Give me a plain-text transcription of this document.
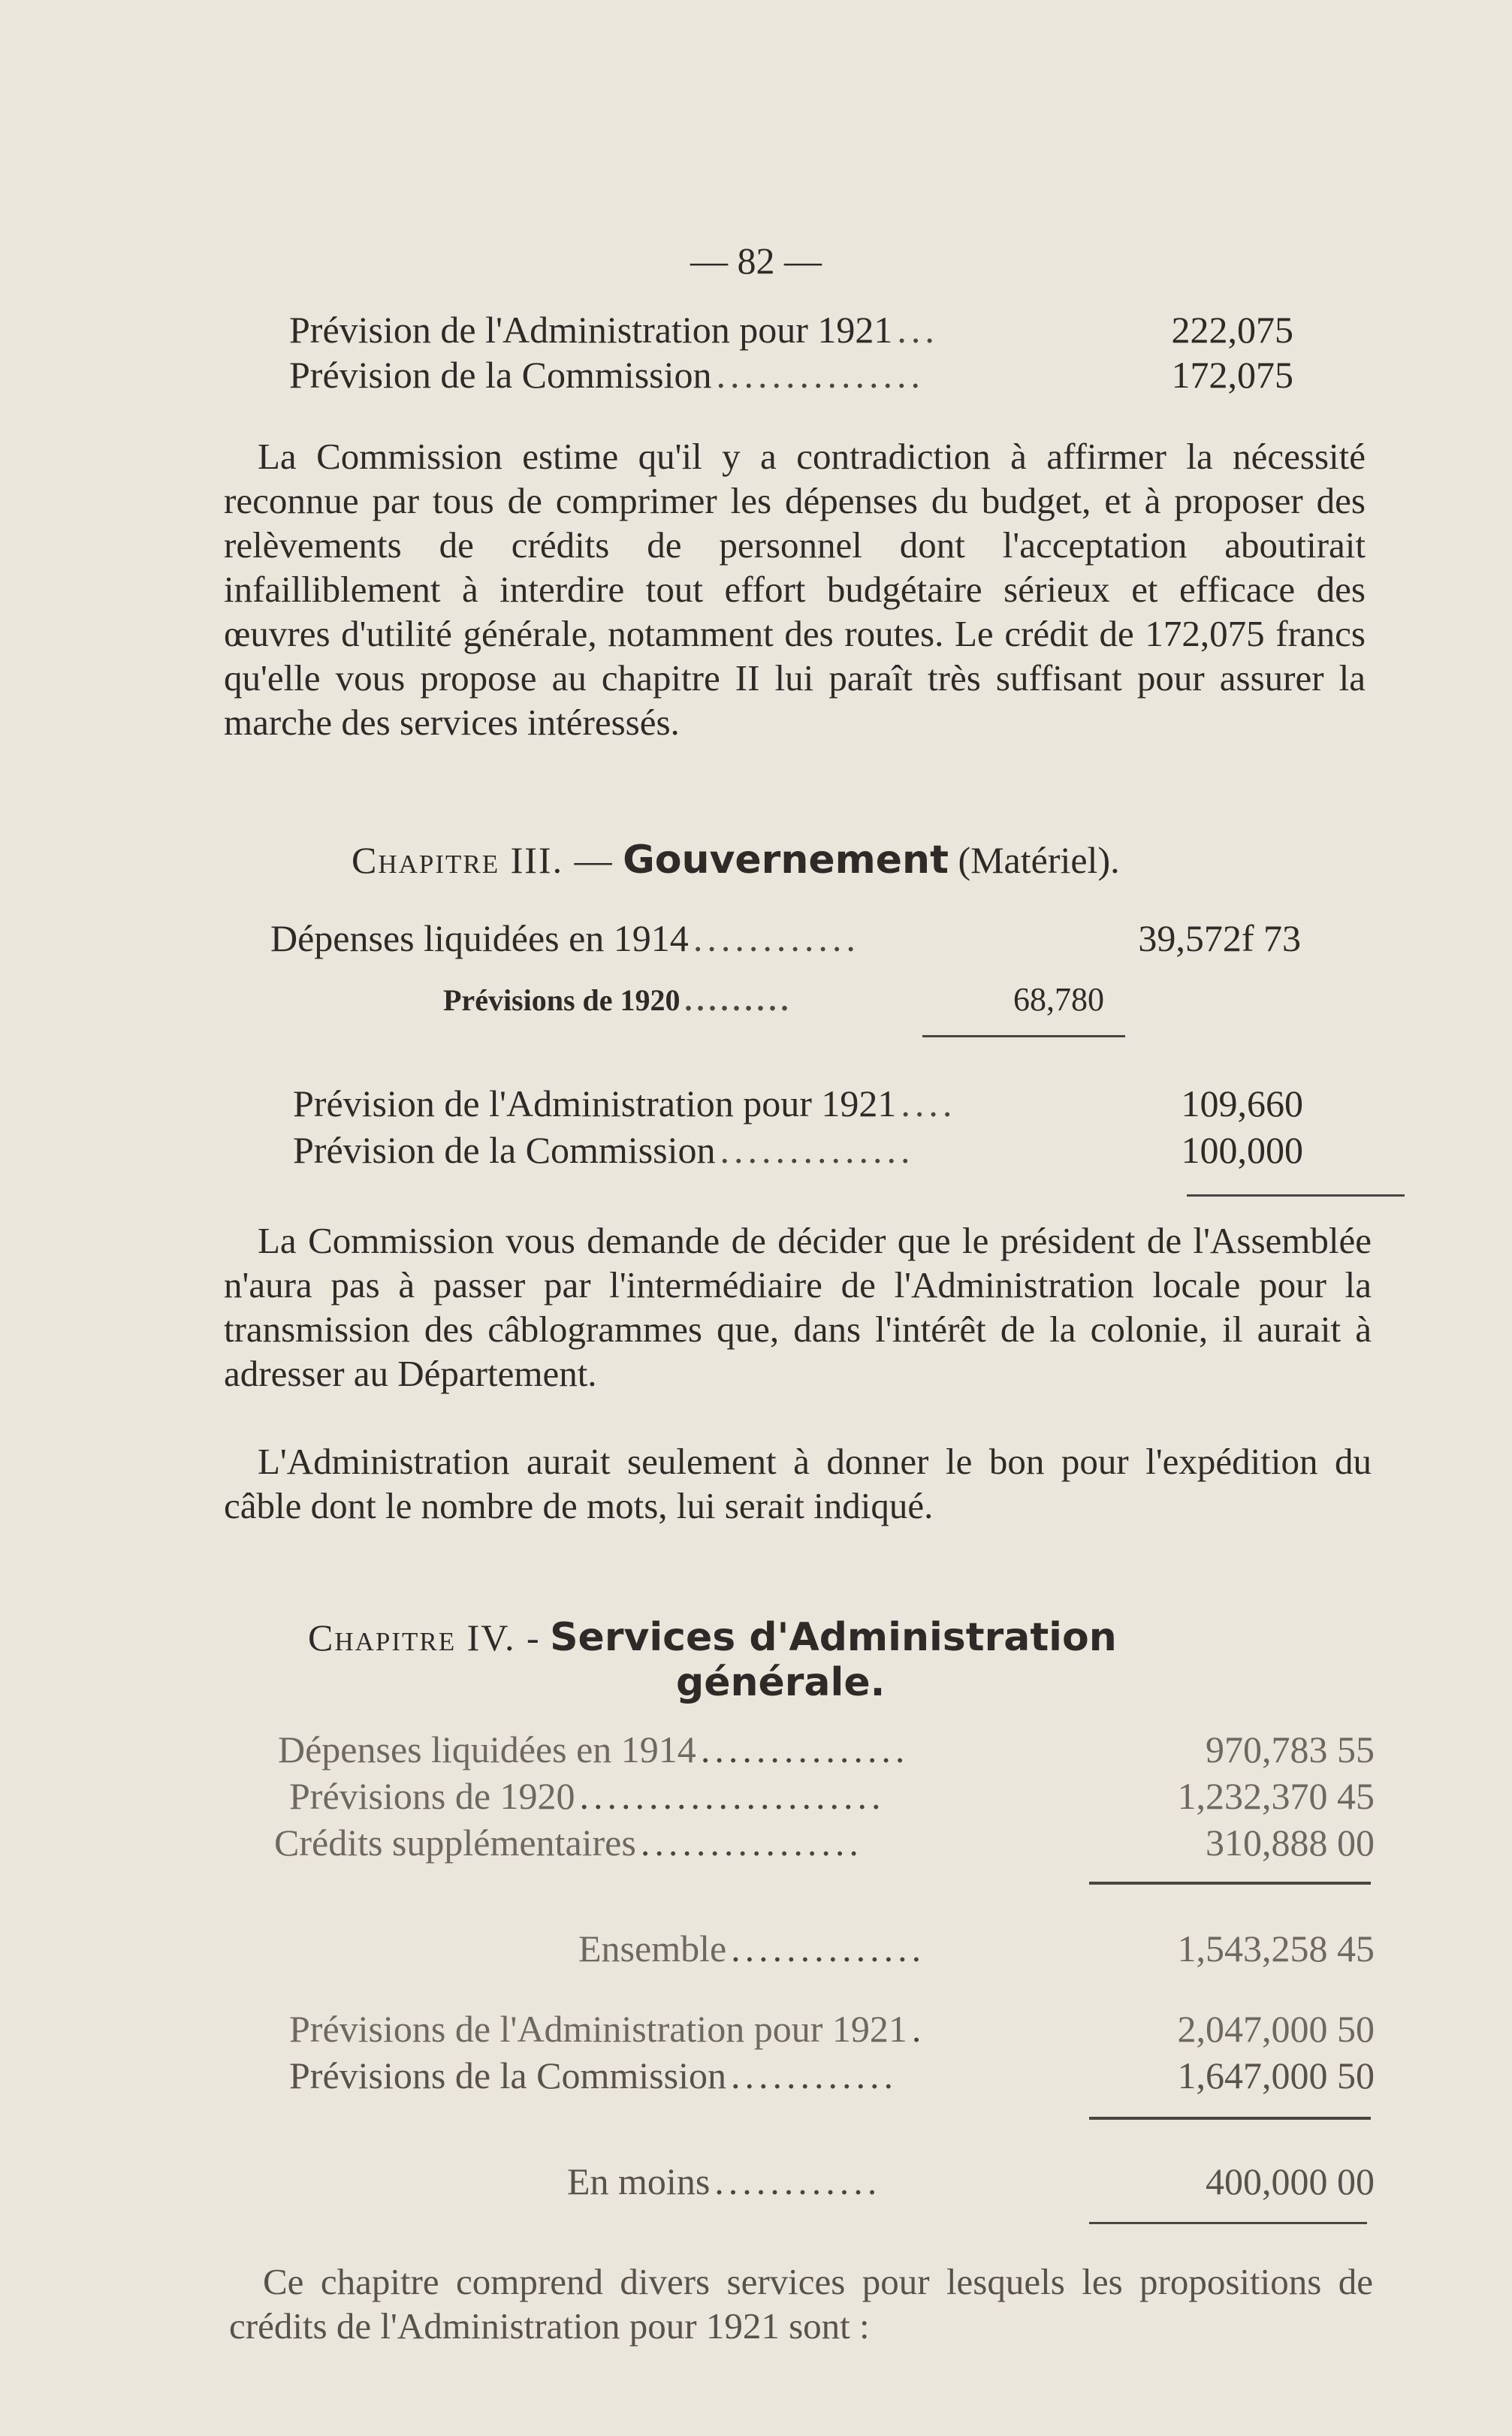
— 82 —
Prévision de l'Administration pour 1921 ...	222,075
Prévision de la Commission ...............	172,075

La Commission estime qu'il y a contradiction à affirmer la nécessité reconnue par tous de comprimer les dépenses du budget, et à proposer des relèvements de crédits de personnel dont l'acceptation aboutirait infailliblement à interdire tout effort budgétaire sérieux et efficace des œuvres d'utilité générale, notamment des routes. Le crédit de 172,075 francs qu'elle vous propose au chapitre II lui paraît très suffisant pour assurer la marche des services intéressés.

Chapitre III. — Gouvernement (Matériel).
Dépenses liquidées en 1914 ............	39,572f 73
Prévisions de 1920 .........	68,780
Prévision de l'Administration pour 1921 ....	109,660
Prévision de la Commission ..............	100,000

La Commission vous demande de décider que le président de l'Assemblée n'aura pas à passer par l'intermédiaire de l'Administration locale pour la transmission des câblogrammes que, dans l'intérêt de la colonie, il aurait à adresser au Département.

L'Administration aurait seulement à donner le bon pour l'expédition du câble dont le nombre de mots, lui serait indiqué.

Chapitre IV. - Services d'Administration
générale.
Dépenses liquidées en 1914 ...............	970,783 55
Prévisions de 1920 ......................	1,232,370 45
Crédits supplémentaires ................	310,888 00
Ensemble ..............	1,543,258 45
Prévisions de l'Administration pour 1921 .	2,047,000 50
Prévisions de la Commission ............	1,647,000 50
En moins ............	400,000 00

Ce chapitre comprend divers services pour lesquels les propositions de crédits de l'Administration pour 1921 sont :
